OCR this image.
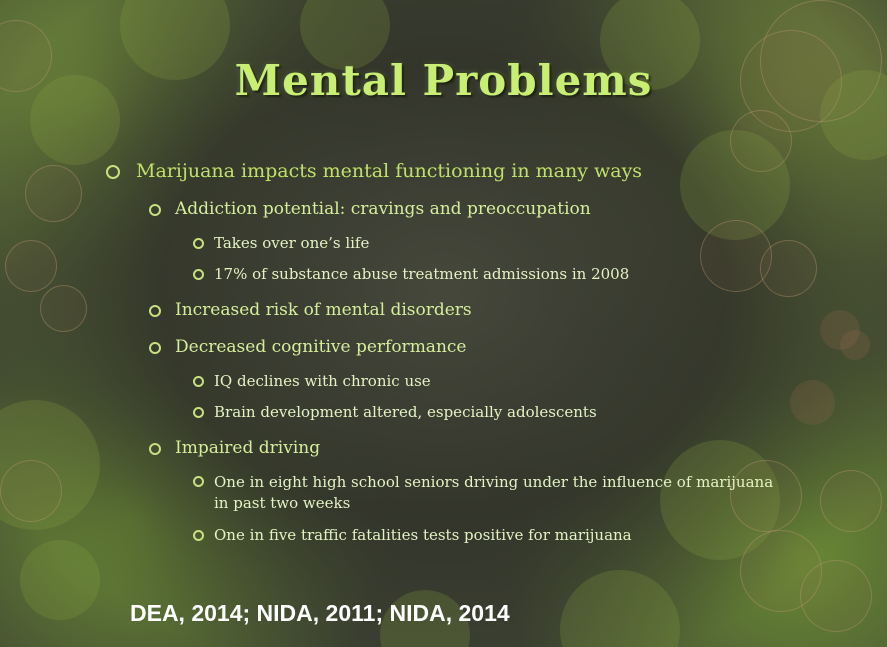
Mental Problems
Marijuana impacts mental functioning in many ways
Addiction potential: cravings and preoccupation
Takes over one’s life
17% of substance abuse treatment admissions in 2008
Increased risk of mental disorders
Decreased cognitive performance
IQ declines with chronic use
Brain development altered, especially adolescents
Impaired driving
One in eight high school seniors driving under the influence of marijuana in past two weeks
One in five traffic fatalities tests positive for marijuana
DEA, 2014; NIDA, 2011; NIDA, 2014
